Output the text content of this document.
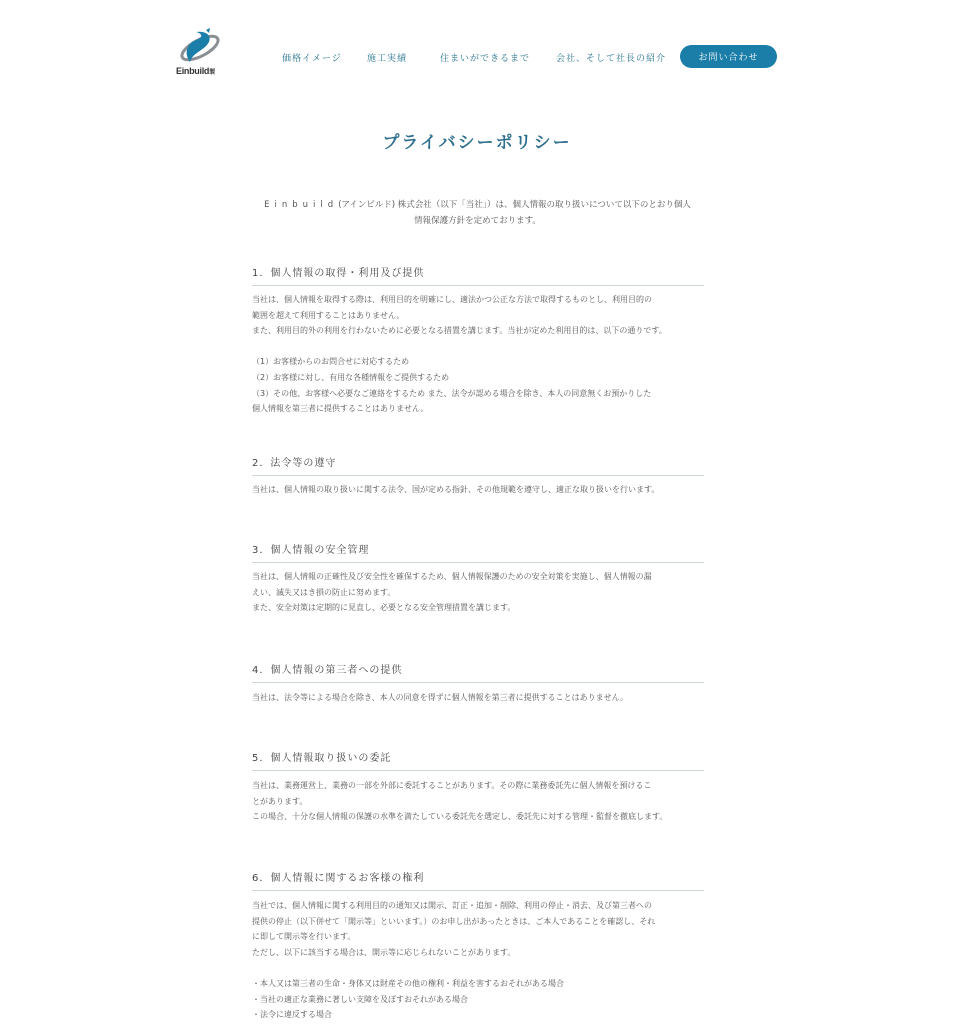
Einbuild製
価格イメージ	施工実績	住まいができるまで	会社、そして社長の紹介	お問い合わせ
プライバシーポリシー
Einbuild(アインビルド) 株式会社（以下「当社」）は、個人情報の取り扱いについて以下のとおり個人
情報保護方針を定めております。
1．個人情報の取得・利用及び提供
当社は、個人情報を取得する際は、利用目的を明確にし、適法かつ公正な方法で取得するものとし、利用目的の
範囲を超えて利用することはありません。
また、利用目的外の利用を行わないために必要となる措置を講じます。当社が定めた利用目的は、以下の通りです。
（1）お客様からのお問合せに対応するため
（2）お客様に対し、有用な各種情報をご提供するため
（3）その他、お客様へ必要なご連絡をするため また、法令が認める場合を除き、本人の同意無くお預かりした
個人情報を第三者に提供することはありません。
2．法令等の遵守
当社は、個人情報の取り扱いに関する法令、国が定める指針、その他規範を遵守し、適正な取り扱いを行います。
3．個人情報の安全管理
当社は、個人情報の正確性及び安全性を確保するため、個人情報保護のための安全対策を実施し、個人情報の漏
えい、滅失又はき損の防止に努めます。
また、安全対策は定期的に見直し、必要となる安全管理措置を講じます。
4．個人情報の第三者への提供
当社は、法令等による場合を除き、本人の同意を得ずに個人情報を第三者に提供することはありません。
5．個人情報取り扱いの委託
当社は、業務運営上、業務の一部を外部に委託することがあります。その際に業務委託先に個人情報を預けるこ
とがあります。
この場合、十分な個人情報の保護の水準を満たしている委託先を選定し、委託先に対する管理・監督を徹底します。
6．個人情報に関するお客様の権利
当社では、個人情報に関する利用目的の通知又は開示、訂正・追加・削除、利用の停止・消去、及び第三者への
提供の停止（以下併せて「開示等」といいます。）のお申し出があったときは、ご本人であることを確認し、それ
に即して開示等を行います。
ただし、以下に該当する場合は、開示等に応じられないことがあります。
・本人又は第三者の生命・身体又は財産その他の権利・利益を害するおそれがある場合
・当社の適正な業務に著しい支障を及ぼすおそれがある場合
・法令に違反する場合
